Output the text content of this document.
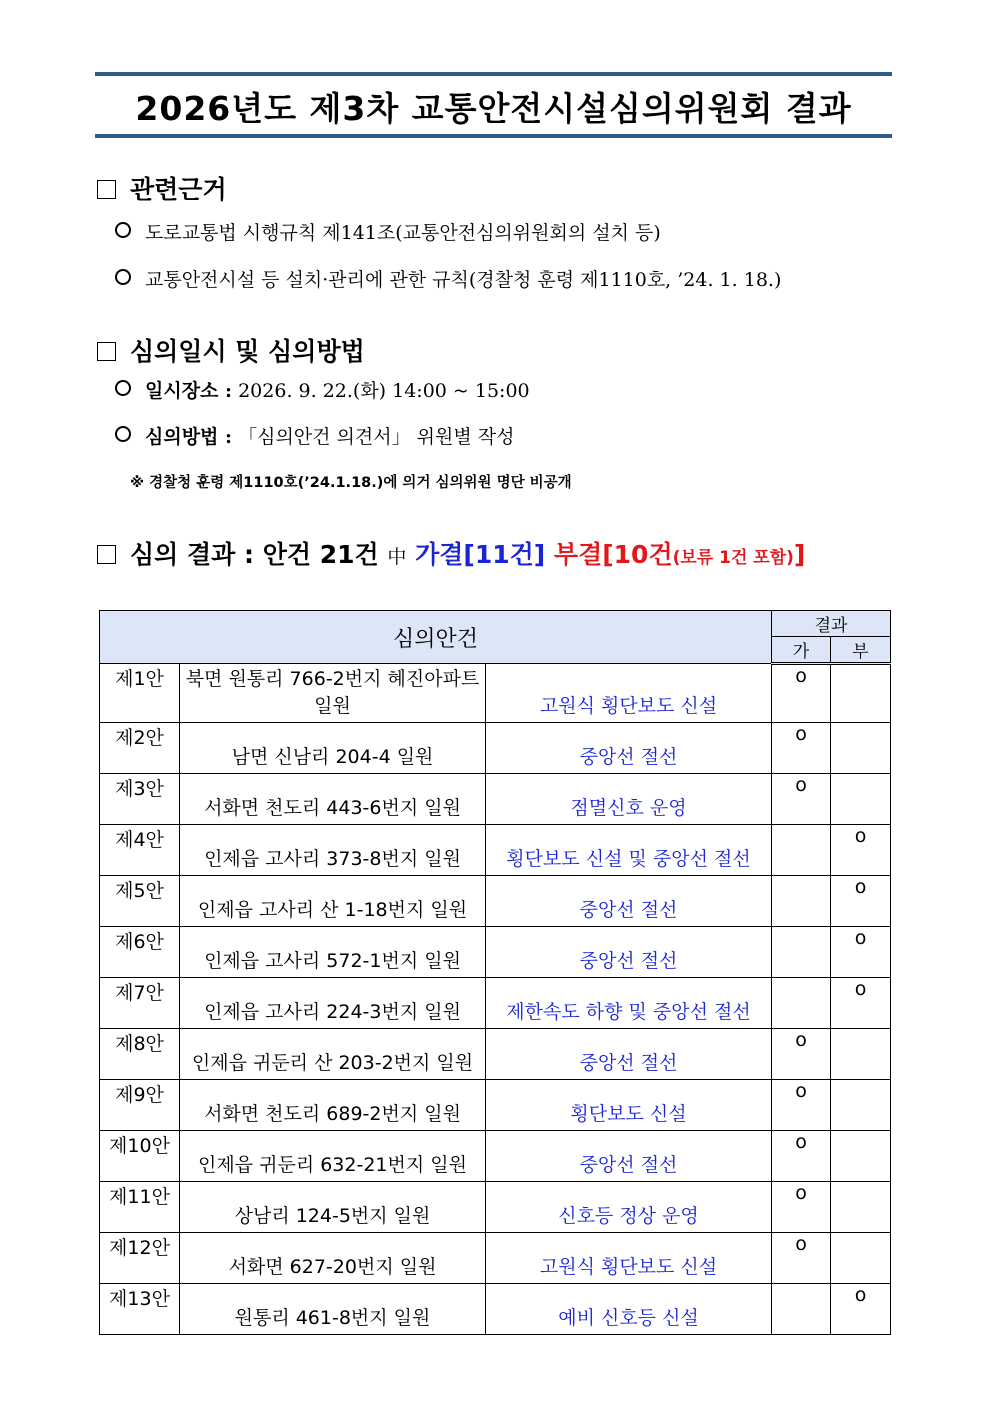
2026년도 제3차 교통안전시설심의위원회 결과
관련근거
도로교통법 시행규칙 제141조(교통안전심의위원회의 설치 등)
교통안전시설 등 설치·관리에 관한 규칙(경찰청 훈령 제1110호, ’24. 1. 18.)
심의일시 및 심의방법
일시장소 : 2026. 9. 22.(화) 14:00 ~ 15:00
심의방법 : 「심의안건 의견서」 위원별 작성
※ 경찰청 훈령 제1110호(’24.1.18.)에 의거 심의위원 명단 비공개
심의 결과 : 안건 21건 中 가결[11건] 부결[10건(보류 1건 포함)]
심의안건			결과	
			가	부
제1안	북면 원통리 766-2번지 혜진아파트 일원	고원식 횡단보도 신설	o	
제2안	남면 신남리 204-4 일원	중앙선 절선	o	
제3안	서화면 천도리 443-6번지 일원	점멸신호 운영	o	
제4안	인제읍 고사리 373-8번지 일원	횡단보도 신설 및 중앙선 절선		o
제5안	인제읍 고사리 산 1-18번지 일원	중앙선 절선		o
제6안	인제읍 고사리 572-1번지 일원	중앙선 절선		o
제7안	인제읍 고사리 224-3번지 일원	제한속도 하향 및 중앙선 절선		o
제8안	인제읍 귀둔리 산 203-2번지 일원	중앙선 절선	o	
제9안	서화면 천도리 689-2번지 일원	횡단보도 신설	o	
제10안	인제읍 귀둔리 632-21번지 일원	중앙선 절선	o	
제11안	상남리 124-5번지 일원	신호등 정상 운영	o	
제12안	서화면 627-20번지 일원	고원식 횡단보도 신설	o	
제13안	원통리 461-8번지 일원	예비 신호등 신설		o
